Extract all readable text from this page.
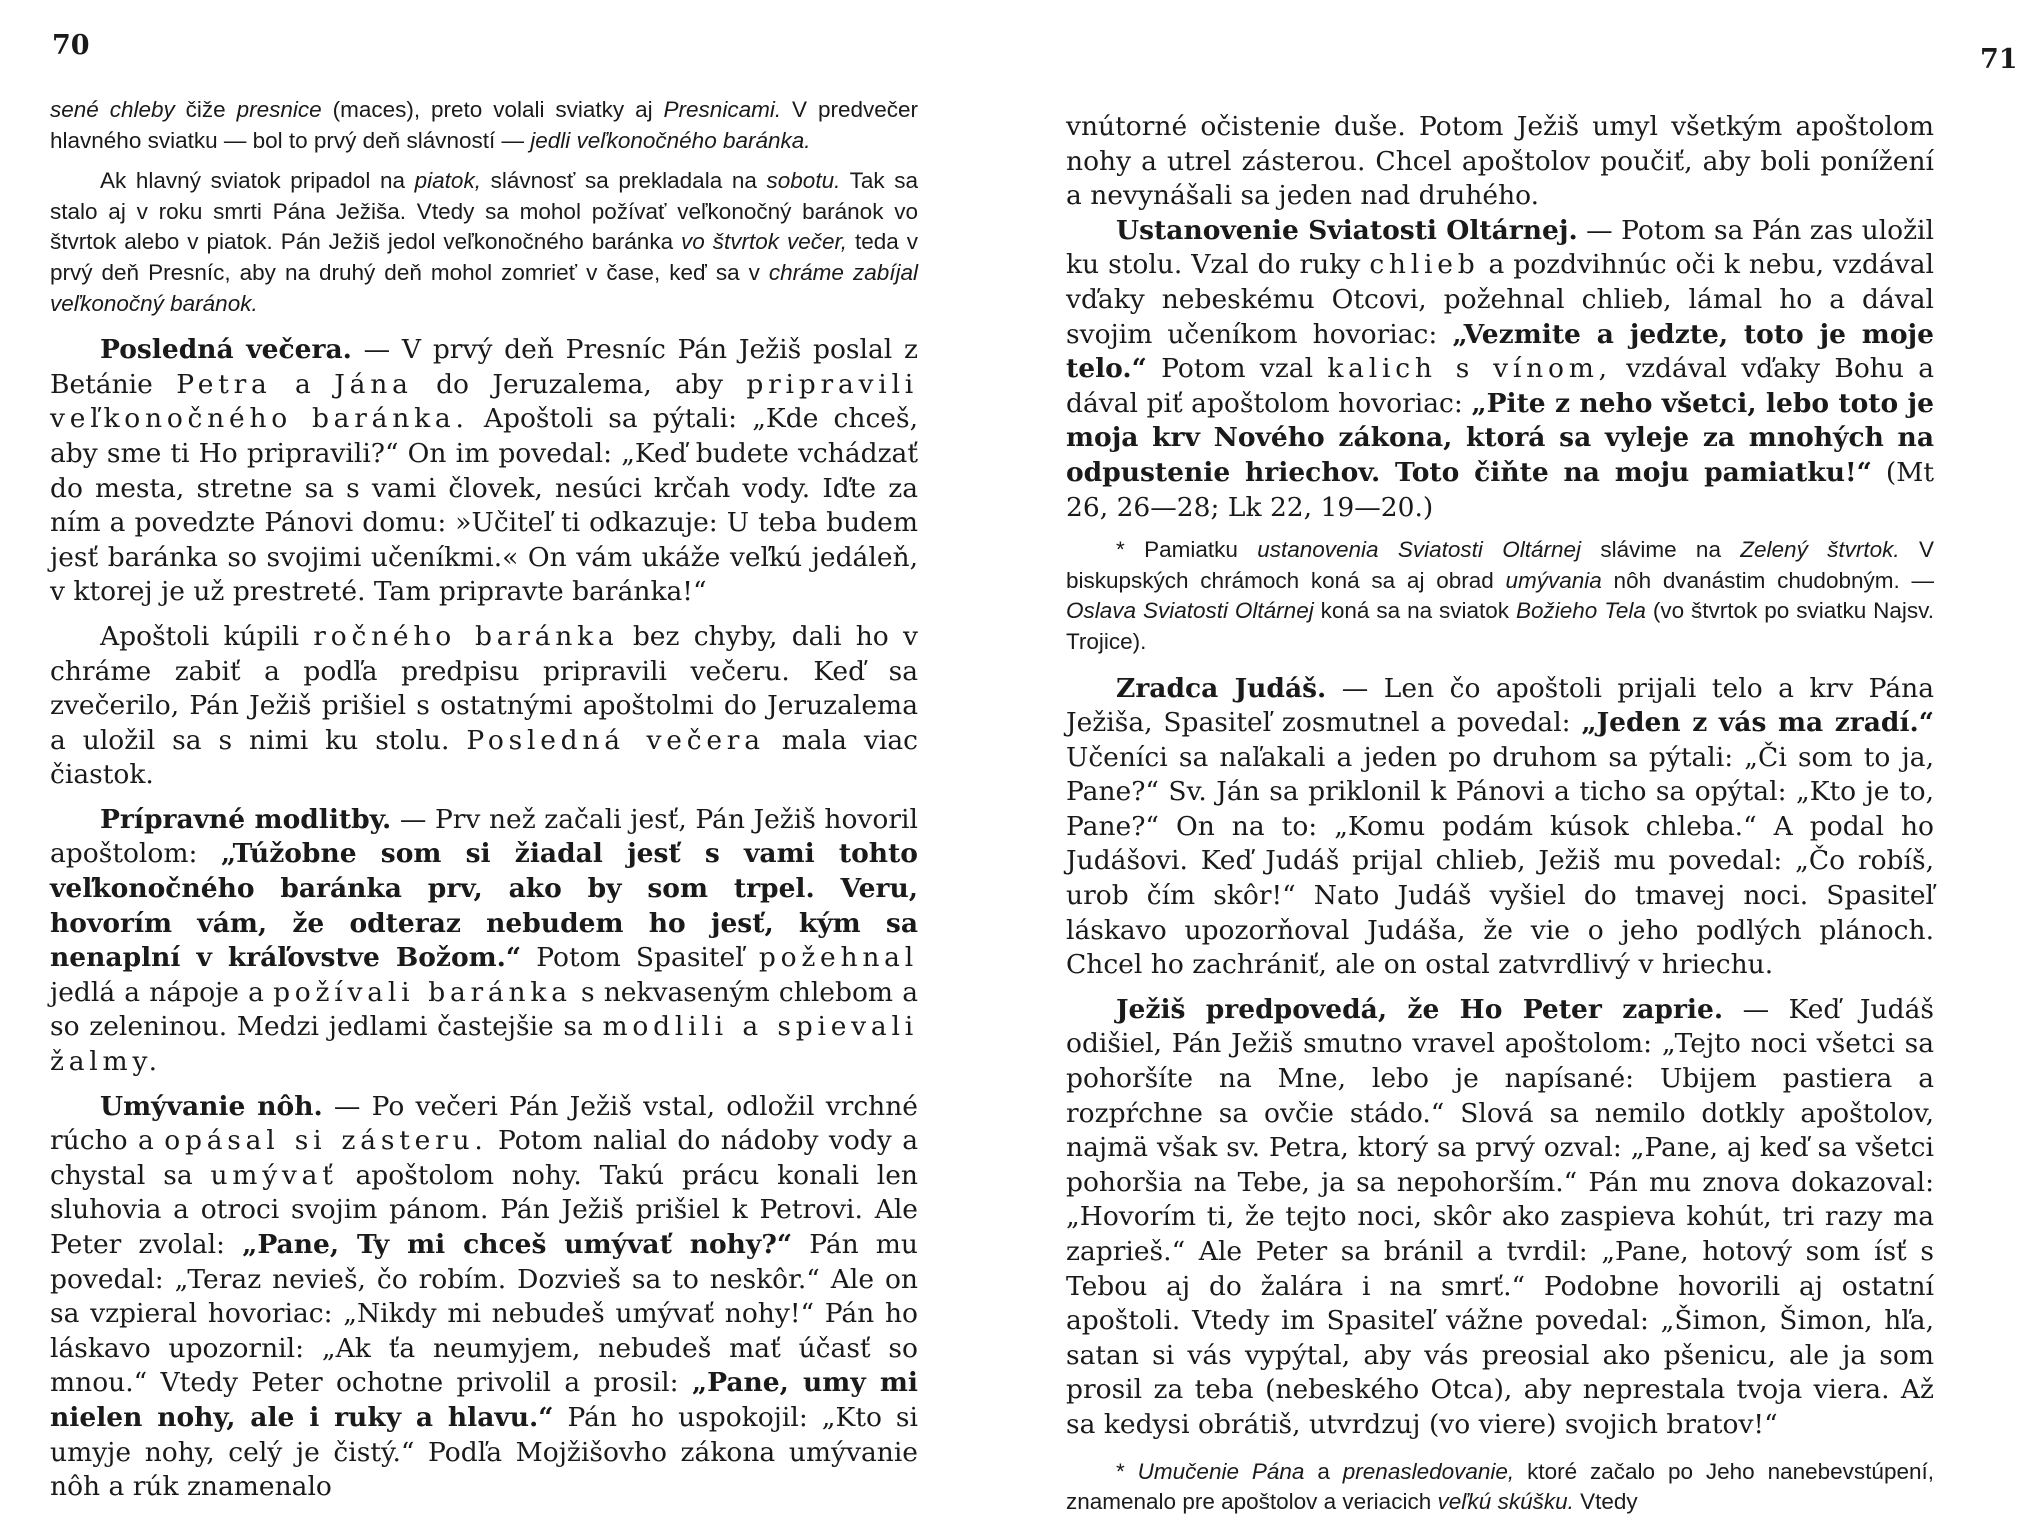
70

sené chleby čiže presnice (maces), preto volali sviatky aj Presnicami. V predvečer hlavného sviatku — bol to prvý deň slávností — jedli veľkonočného baránka.

Ak hlavný sviatok pripadol na piatok, slávnosť sa prekladala na sobotu. Tak sa stalo aj v roku smrti Pána Ježiša. Vtedy sa mohol požívať veľkonočný baránok vo štvrtok alebo v piatok. Pán Ježiš jedol veľkonočného baránka vo štvrtok večer, teda v prvý deň Presníc, aby na druhý deň mohol zomrieť v čase, keď sa v chráme zabíjal veľkonočný baránok.

Posledná večera. — V prvý deň Presníc Pán Ježiš poslal z Betánie Petra a Jána do Jeruzalema, aby pripravili veľkonočného baránka. Apoštoli sa pýtali: „Kde chceš, aby sme ti Ho pripravili?“ On im povedal: „Keď budete vchádzať do mesta, stretne sa s vami človek, nesúci krčah vody. Iďte za ním a povedzte Pánovi domu: »Učiteľ ti odkazuje: U teba budem jesť baránka so svojimi učeníkmi.« On vám ukáže veľkú jedáleň, v ktorej je už prestreté. Tam pripravte baránka!“

Apoštoli kúpili ročného baránka bez chyby, dali ho v chráme zabiť a podľa predpisu pripravili večeru. Keď sa zvečerilo, Pán Ježiš prišiel s ostatnými apoštolmi do Jeruzalema a uložil sa s nimi ku stolu. Posledná večera mala viac čiastok.

Prípravné modlitby. — Prv než začali jesť, Pán Ježiš hovoril apoštolom: „Túžobne som si žiadal jesť s vami tohto veľkonočného baránka prv, ako by som trpel. Veru, hovorím vám, že odteraz nebudem ho jesť, kým sa nenaplní v kráľovstve Božom.“ Potom Spasiteľ požehnal jedlá a nápoje a požívali baránka s nekvaseným chlebom a so zeleninou. Medzi jedlami častejšie sa modlili a spievali žalmy.

Umývanie nôh. — Po večeri Pán Ježiš vstal, odložil vrchné rúcho a opásal si zásteru. Potom nalial do nádoby vody a chystal sa umývať apoštolom nohy. Takú prácu konali len sluhovia a otroci svojim pánom. Pán Ježiš prišiel k Petrovi. Ale Peter zvolal: „Pane, Ty mi chceš umývať nohy?“ Pán mu povedal: „Teraz nevieš, čo robím. Dozvieš sa to neskôr.“ Ale on sa vzpieral hovoriac: „Nikdy mi nebudeš umývať nohy!“ Pán ho láskavo upozornil: „Ak ťa neumyjem, nebudeš mať účasť so mnou.“ Vtedy Peter ochotne privolil a prosil: „Pane, umy mi nielen nohy, ale i ruky a hlavu.“ Pán ho uspokojil: „Kto si umyje nohy, celý je čistý.“ Podľa Mojžišovho zákona umývanie nôh a rúk znamenalo

71

vnútorné očistenie duše. Potom Ježiš umyl všetkým apoštolom nohy a utrel zásterou. Chcel apoštolov poučiť, aby boli ponížení a nevynášali sa jeden nad druhého.

Ustanovenie Sviatosti Oltárnej. — Potom sa Pán zas uložil ku stolu. Vzal do ruky chlieb a pozdvihnúc oči k nebu, vzdával vďaky nebeskému Otcovi, požehnal chlieb, lámal ho a dával svojim učeníkom hovoriac: „Vezmite a jedzte, toto je moje telo.“ Potom vzal kalich s vínom, vzdával vďaky Bohu a dával piť apoštolom hovoriac: „Pite z neho všetci, lebo toto je moja krv Nového zákona, ktorá sa vyleje za mnohých na odpustenie hriechov. Toto čiňte na moju pamiatku!“ (Mt 26, 26—28; Lk 22, 19—20.)

* Pamiatku ustanovenia Sviatosti Oltárnej slávime na Zelený štvrtok. V biskupských chrámoch koná sa aj obrad umývania nôh dvanástim chudobným. — Oslava Sviatosti Oltárnej koná sa na sviatok Božieho Tela (vo štvrtok po sviatku Najsv. Trojice).

Zradca Judáš. — Len čo apoštoli prijali telo a krv Pána Ježiša, Spasiteľ zosmutnel a povedal: „Jeden z vás ma zradí.“ Učeníci sa naľakali a jeden po druhom sa pýtali: „Či som to ja, Pane?“ Sv. Ján sa priklonil k Pánovi a ticho sa opýtal: „Kto je to, Pane?“ On na to: „Komu podám kúsok chleba.“ A podal ho Judášovi. Keď Judáš prijal chlieb, Ježiš mu povedal: „Čo robíš, urob čím skôr!“ Nato Judáš vyšiel do tmavej noci. Spasiteľ láskavo upozorňoval Judáša, že vie o jeho podlých plánoch. Chcel ho zachrániť, ale on ostal zatvrdlivý v hriechu.

Ježiš predpovedá, že Ho Peter zaprie. — Keď Judáš odišiel, Pán Ježiš smutno vravel apoštolom: „Tejto noci všetci sa pohoršíte na Mne, lebo je napísané: Ubijem pastiera a rozpŕchne sa ovčie stádo.“ Slová sa nemilo dotkly apoštolov, najmä však sv. Petra, ktorý sa prvý ozval: „Pane, aj keď sa všetci pohoršia na Tebe, ja sa nepohorším.“ Pán mu znova dokazoval: „Hovorím ti, že tejto noci, skôr ako zaspieva kohút, tri razy ma zaprieš.“ Ale Peter sa bránil a tvrdil: „Pane, hotový som ísť s Tebou aj do žalára i na smrť.“ Podobne hovorili aj ostatní apoštoli. Vtedy im Spasiteľ vážne povedal: „Šimon, Šimon, hľa, satan si vás vypýtal, aby vás preosial ako pšenicu, ale ja som prosil za teba (nebeského Otca), aby neprestala tvoja viera. Až sa kedysi obrátiš, utvrdzuj (vo viere) svojich bratov!“

* Umučenie Pána a prenasledovanie, ktoré začalo po Jeho nanebevstúpení, znamenalo pre apoštolov a veriacich veľkú skúšku. Vtedy
